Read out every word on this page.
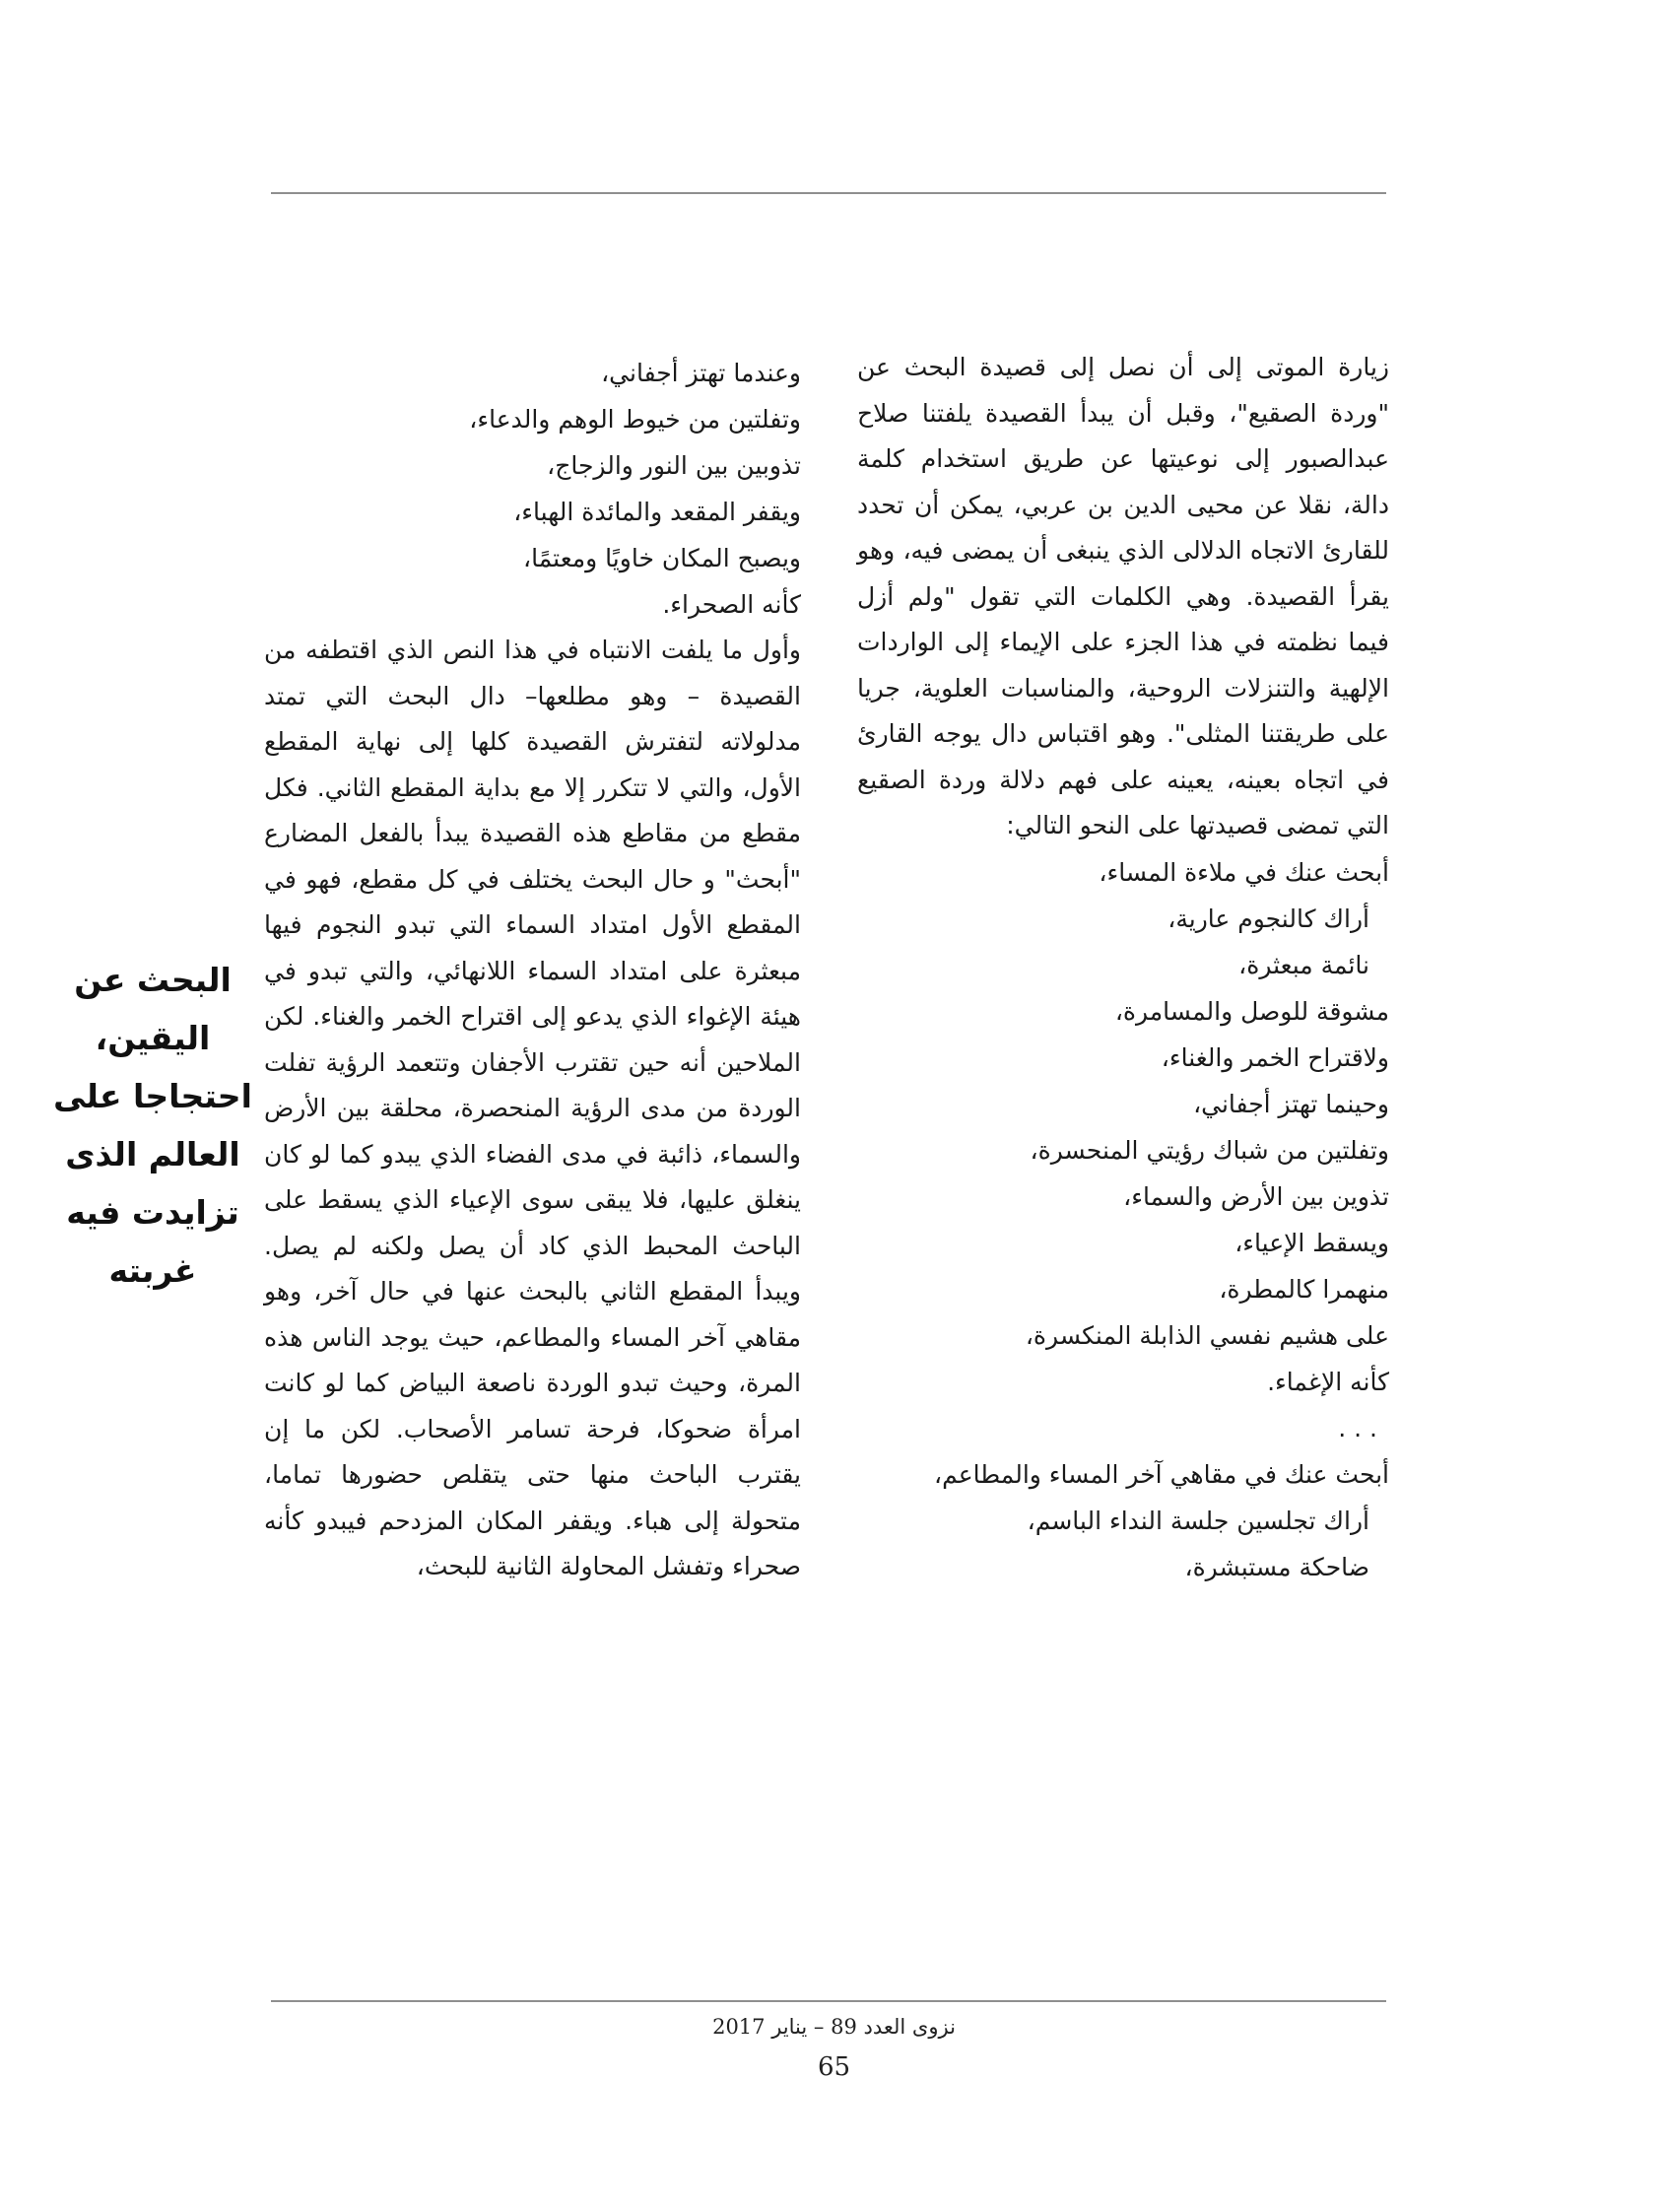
زيارة الموتى إلى أن نصل إلى قصيدة البحث عن "وردة الصقيع"، وقبل أن يبدأ القصيدة يلفتنا صلاح عبدالصبور إلى نوعيتها عن طريق استخدام كلمة دالة، نقلا عن محيى الدين بن عربي، يمكن أن تحدد للقارئ الاتجاه الدلالى الذي ينبغى أن يمضى فيه، وهو يقرأ القصيدة. وهي الكلمات التي تقول "ولم أزل فيما نظمته في هذا الجزء على الإيماء إلى الواردات الإلهية والتنزلات الروحية، والمناسبات العلوية، جريا على طريقتنا المثلى". وهو اقتباس دال يوجه القارئ في اتجاه بعينه، يعينه على فهم دلالة وردة الصقيع التي تمضى قصيدتها على النحو التالي:

أبحث عنك في ملاءة المساء،

أراك كالنجوم عارية،

نائمة مبعثرة،

مشوقة للوصل والمسامرة،

ولاقتراح الخمر والغناء،

وحينما تهتز أجفاني،

وتفلتين من شباك رؤيتي المنحسرة،

تذوين بين الأرض والسماء،

ويسقط الإعياء،

منهمرا كالمطرة،

على هشيم نفسي الذابلة المنكسرة،

كأنه الإغماء.

. . .

أبحث عنك في مقاهي آخر المساء والمطاعم،

أراك تجلسين جلسة النداء الباسم،

ضاحكة مستبشرة،

وعندما تهتز أجفاني،

وتفلتين من خيوط الوهم والدعاء،

تذوبين بين النور والزجاج،

ويقفر المقعد والمائدة الهباء،

ويصبح المكان خاويًا ومعتمًا،

كأنه الصحراء.

وأول ما يلفت الانتباه في هذا النص الذي اقتطفه من القصيدة – وهو مطلعها– دال البحث التي تمتد مدلولاته لتفترش القصيدة كلها إلى نهاية المقطع الأول، والتي لا تتكرر إلا مع بداية المقطع الثاني. فكل مقطع من مقاطع هذه القصيدة يبدأ بالفعل المضارع "أبحث" و حال البحث يختلف في كل مقطع، فهو في المقطع الأول امتداد السماء التي تبدو النجوم فيها مبعثرة على امتداد السماء اللانهائي، والتي تبدو في هيئة الإغواء الذي يدعو إلى اقتراح الخمر والغناء. لكن الملاحين أنه حين تقترب الأجفان وتتعمد الرؤية تفلت الوردة من مدى الرؤية المنحصرة، محلقة بين الأرض والسماء، ذائبة في مدى الفضاء الذي يبدو كما لو كان ينغلق عليها، فلا يبقى سوى الإعياء الذي يسقط على الباحث المحبط الذي كاد أن يصل ولكنه لم يصل. ويبدأ المقطع الثاني بالبحث عنها في حال آخر، وهو مقاهي آخر المساء والمطاعم، حيث يوجد الناس هذه المرة، وحيث تبدو الوردة ناصعة البياض كما لو كانت امرأة ضحوكا، فرحة تسامر الأصحاب. لكن ما إن يقترب الباحث منها حتى يتقلص حضورها تماما، متحولة إلى هباء. ويقفر المكان المزدحم فيبدو كأنه صحراء وتفشل المحاولة الثانية للبحث،

البحث عن
اليقين،
احتجاجا على
العالم الذى
تزايدت فيه
غربته
نزوى العدد 89 – يناير 2017
65
